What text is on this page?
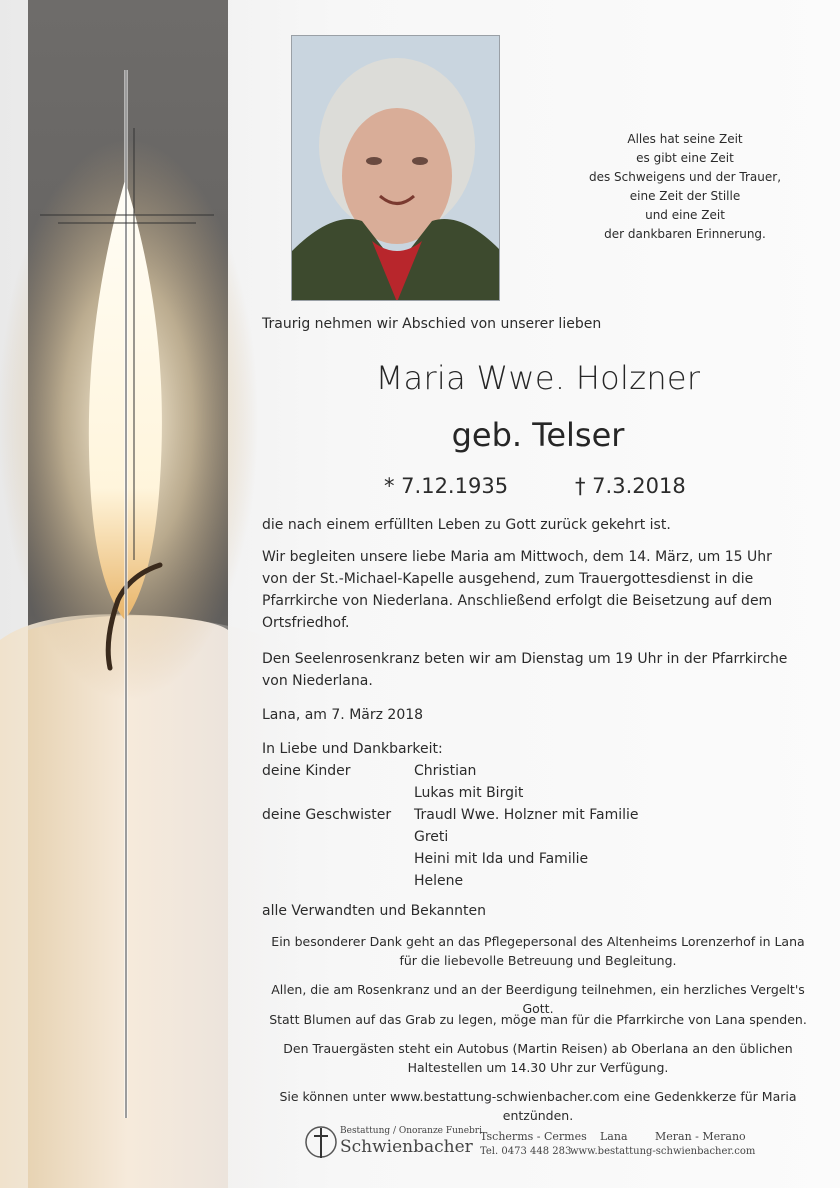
Alles hat seine Zeit
es gibt eine Zeit
des Schweigens und der Trauer,
eine Zeit der Stille
und eine Zeit
der dankbaren Erinnerung.
Traurig nehmen wir Abschied von unserer lieben
Maria Wwe. Holzner
geb. Telser
* 7.12.1935	† 7.3.2018
die nach einem erfüllten Leben zu Gott zurück gekehrt ist.
Wir begleiten unsere liebe Maria am Mittwoch, dem 14. März, um 15 Uhr von der St.-Michael-Kapelle ausgehend, zum Trauergottesdienst in die Pfarrkirche von Niederlana. Anschließend erfolgt die Beisetzung auf dem Ortsfriedhof.
Den Seelenrosenkranz beten wir am Dienstag um 19 Uhr in der Pfarrkirche von Niederlana.
Lana, am 7. März 2018
In Liebe und Dankbarkeit:
deine Kinder	Christian
Lukas mit Birgit
deine Geschwister Traudl Wwe. Holzner mit Familie
Greti
Heini mit Ida und Familie
Helene
alle Verwandten und Bekannten
Ein besonderer Dank geht an das Pflegepersonal des Altenheims Lorenzerhof in Lana
für die liebevolle Betreuung und Begleitung.
Allen, die am Rosenkranz und an der Beerdigung teilnehmen, ein herzliches Vergelt's Gott.
Statt Blumen auf das Grab zu legen, möge man für die Pfarrkirche von Lana spenden.
Den Trauergästen steht ein Autobus (Martin Reisen) ab Oberlana an den üblichen
Haltestellen um 14.30 Uhr zur Verfügung.
Sie können unter www.bestattung-schwienbacher.com eine Gedenkkerze für Maria entzünden.
Bestattung / Onoranze Funebri
Schwienbacher
Tscherms - Cermes Lana Meran - Merano
Tel. 0473 448 283
www.bestattung-schwienbacher.com
